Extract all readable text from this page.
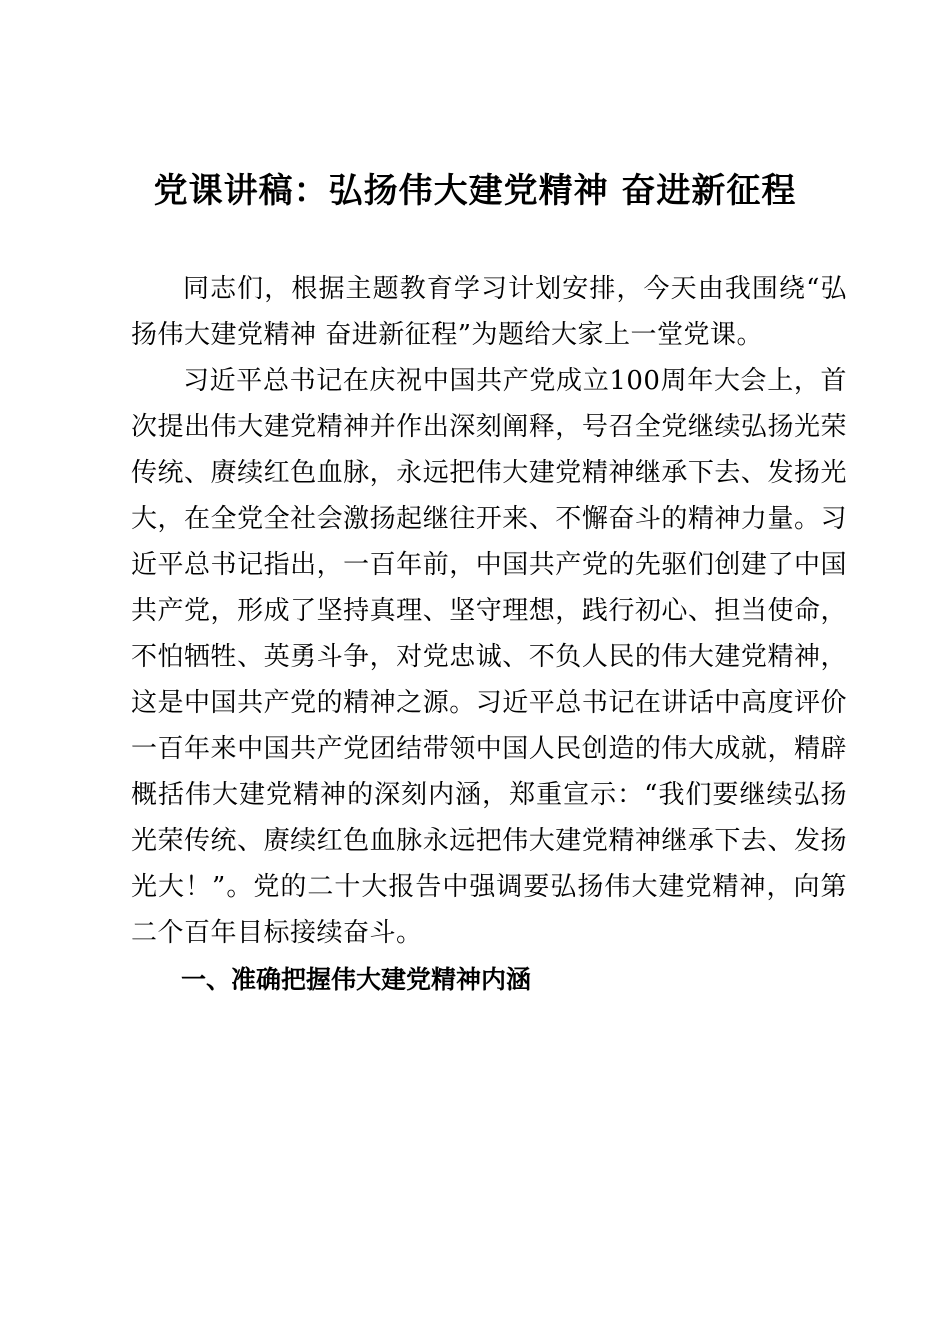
党课讲稿：弘扬伟大建党精神 奋进新征程

同志们，根据主题教育学习计划安排，今天由我围绕“弘扬伟大建党精神 奋进新征程”为题给大家上一堂党课。

习近平总书记在庆祝中国共产党成立100周年大会上，首次提出伟大建党精神并作出深刻阐释，号召全党继续弘扬光荣传统、赓续红色血脉，永远把伟大建党精神继承下去、发扬光大，在全党全社会激扬起继往开来、不懈奋斗的精神力量。习近平总书记指出，一百年前，中国共产党的先驱们创建了中国共产党，形成了坚持真理、坚守理想，践行初心、担当使命，不怕牺牲、英勇斗争，对党忠诚、不负人民的伟大建党精神，这是中国共产党的精神之源。习近平总书记在讲话中高度评价一百年来中国共产党团结带领中国人民创造的伟大成就，精辟概括伟大建党精神的深刻内涵，郑重宣示：“我们要继续弘扬光荣传统、赓续红色血脉永远把伟大建党精神继承下去、发扬光大！”。党的二十大报告中强调要弘扬伟大建党精神，向第二个百年目标接续奋斗。

一、准确把握伟大建党精神内涵
